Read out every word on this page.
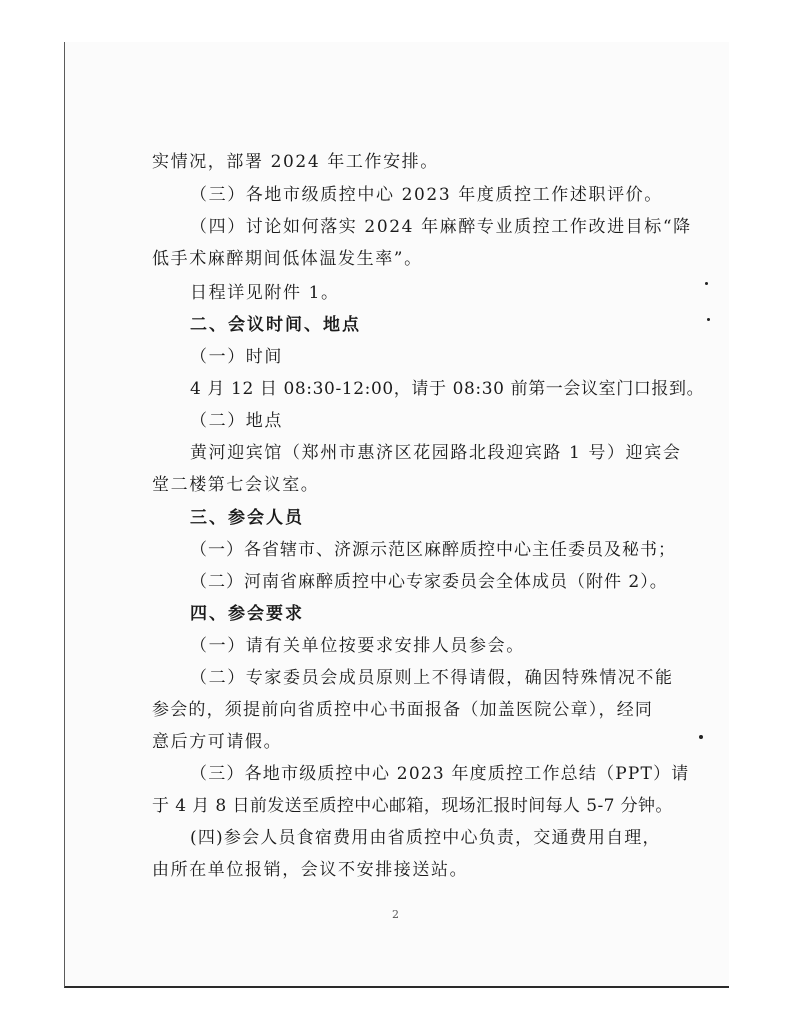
实情况，部署 2024 年工作安排。
（三）各地市级质控中心 2023 年度质控工作述职评价。
（四）讨论如何落实 2024 年麻醉专业质控工作改进目标“降
低手术麻醉期间低体温发生率”。
日程详见附件 1。
二、会议时间、地点
（一）时间
4 月 12 日 08:30-12:00，请于 08:30 前第一会议室门口报到。
（二）地点
黄河迎宾馆（郑州市惠济区花园路北段迎宾路 1 号）迎宾会
堂二楼第七会议室。
三、参会人员
（一）各省辖市、济源示范区麻醉质控中心主任委员及秘书；
（二）河南省麻醉质控中心专家委员会全体成员（附件 2）。
四、参会要求
（一）请有关单位按要求安排人员参会。
（二）专家委员会成员原则上不得请假，确因特殊情况不能
参会的，须提前向省质控中心书面报备（加盖医院公章），经同
意后方可请假。
（三）各地市级质控中心 2023 年度质控工作总结（PPT）请
于 4 月 8 日前发送至质控中心邮箱，现场汇报时间每人 5-7 分钟。
(四)参会人员食宿费用由省质控中心负责，交通费用自理，
由所在单位报销，会议不安排接送站。
2
